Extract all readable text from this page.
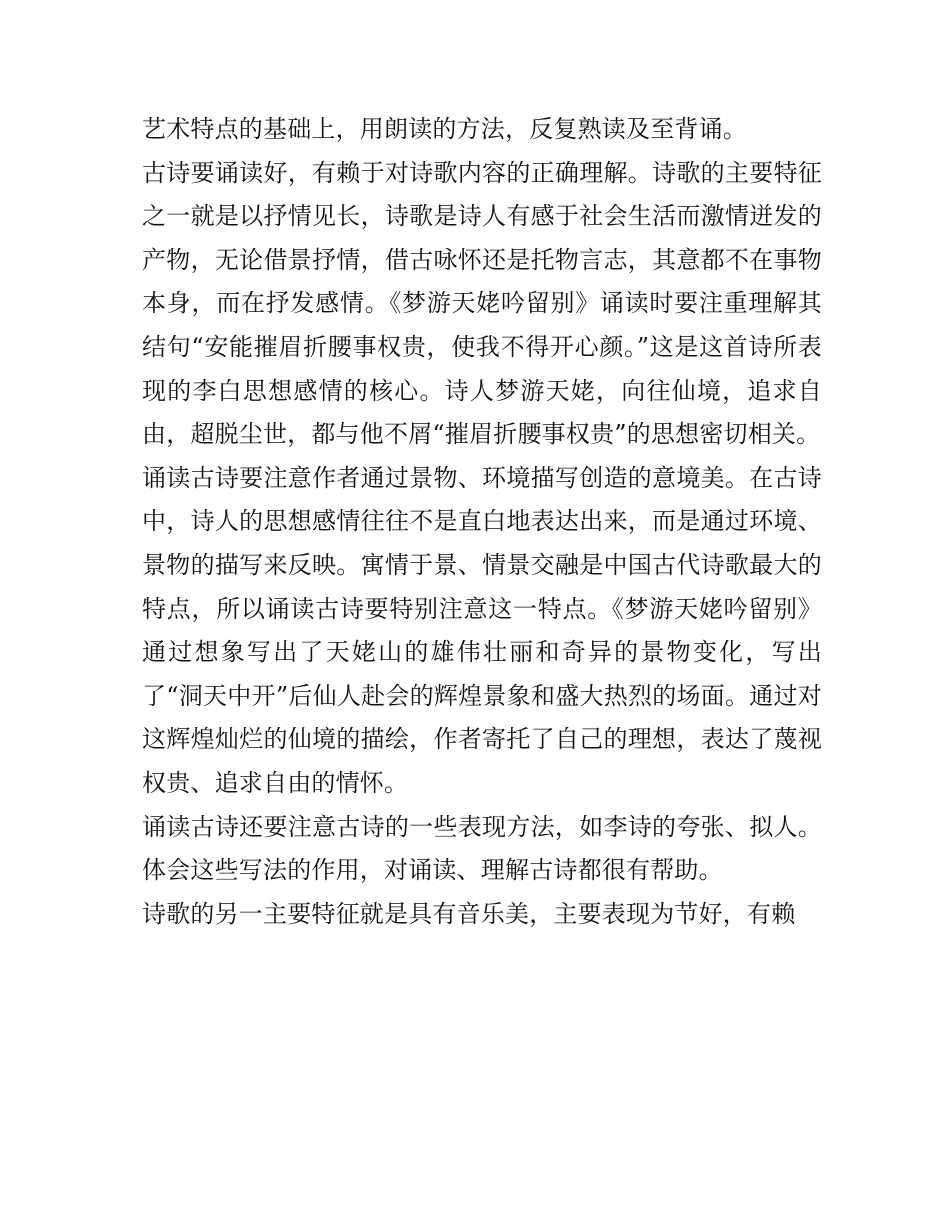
艺术特点的基础上，用朗读的方法，反复熟读及至背诵。

古诗要诵读好，有赖于对诗歌内容的正确理解。诗歌的主要特征之一就是以抒情见长，诗歌是诗人有感于社会生活而激情迸发的产物，无论借景抒情，借古咏怀还是托物言志，其意都不在事物本身，而在抒发感情。《梦游天姥吟留别》诵读时要注重理解其结句“安能摧眉折腰事权贵，使我不得开心颜。”这是这首诗所表现的李白思想感情的核心。诗人梦游天姥，向往仙境，追求自由，超脱尘世，都与他不屑“摧眉折腰事权贵”的思想密切相关。

诵读古诗要注意作者通过景物、环境描写创造的意境美。在古诗中，诗人的思想感情往往不是直白地表达出来，而是通过环境、景物的描写来反映。寓情于景、情景交融是中国古代诗歌最大的特点，所以诵读古诗要特别注意这一特点。《梦游天姥吟留别》通过想象写出了天姥山的雄伟壮丽和奇异的景物变化，写出了“洞天中开”后仙人赴会的辉煌景象和盛大热烈的场面。通过对这辉煌灿烂的仙境的描绘，作者寄托了自己的理想，表达了蔑视权贵、追求自由的情怀。

诵读古诗还要注意古诗的一些表现方法，如李诗的夸张、拟人。体会这些写法的作用，对诵读、理解古诗都很有帮助。

诗歌的另一主要特征就是具有音乐美，主要表现为节好，有赖
